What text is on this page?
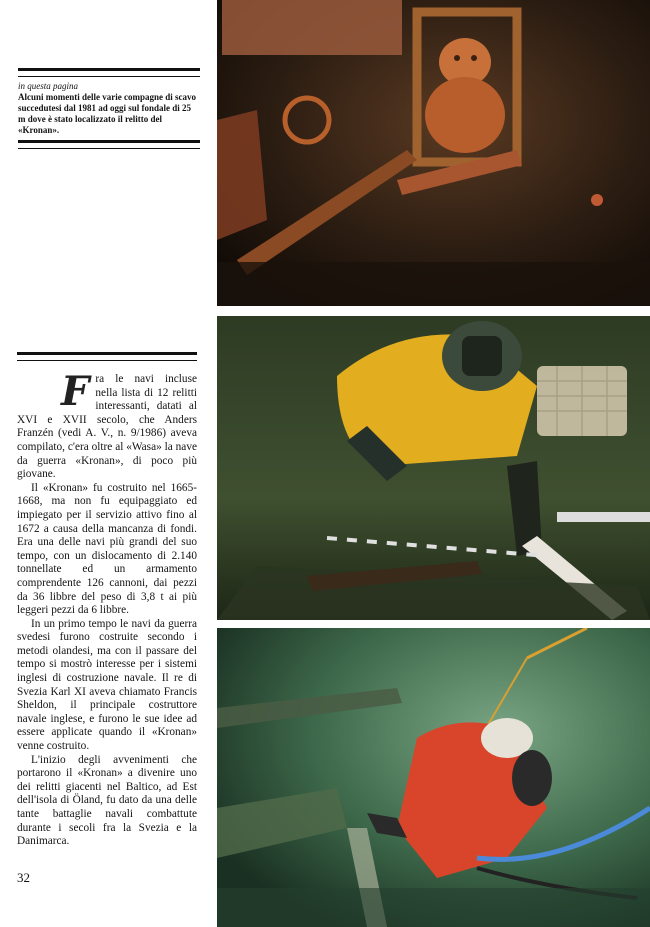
in questa pagina

Alcuni momenti delle varie compagne di scavo succedutesi dal 1981 ad oggi sul fondale di 25 m dove è stato localizzato il relitto del «Kronan».

Fra le navi incluse nella lista di 12 relitti interessanti, datati al XVI e XVII secolo, che Anders Franzén (vedi A. V., n. 9/1986) aveva compilato, c'era oltre al «Wasa» la nave da guerra «Kronan», di poco più giovane.

Il «Kronan» fu costruito nel 1665-1668, ma non fu equipaggiato ed impiegato per il servizio attivo fino al 1672 a causa della mancanza di fondi. Era una delle navi più grandi del suo tempo, con un dislocamento di 2.140 tonnellate ed un armamento comprendente 126 cannoni, dai pezzi da 36 libbre del peso di 3,8 t ai più leggeri pezzi da 6 libbre.

In un primo tempo le navi da guerra svedesi furono costruite secondo i metodi olandesi, ma con il passare del tempo si mostrò interesse per i sistemi inglesi di costruzione navale. Il re di Svezia Karl XI aveva chiamato Francis Sheldon, il principale costruttore navale inglese, e furono le sue idee ad essere applicate quando il «Kronan» venne costruito.

L'inizio degli avvenimenti che portarono il «Kronan» a divenire uno dei relitti giacenti nel Baltico, ad Est dell'isola di Öland, fu dato da una delle tante battaglie navali combattute durante i secoli fra la Svezia e la Danimarca.

32
